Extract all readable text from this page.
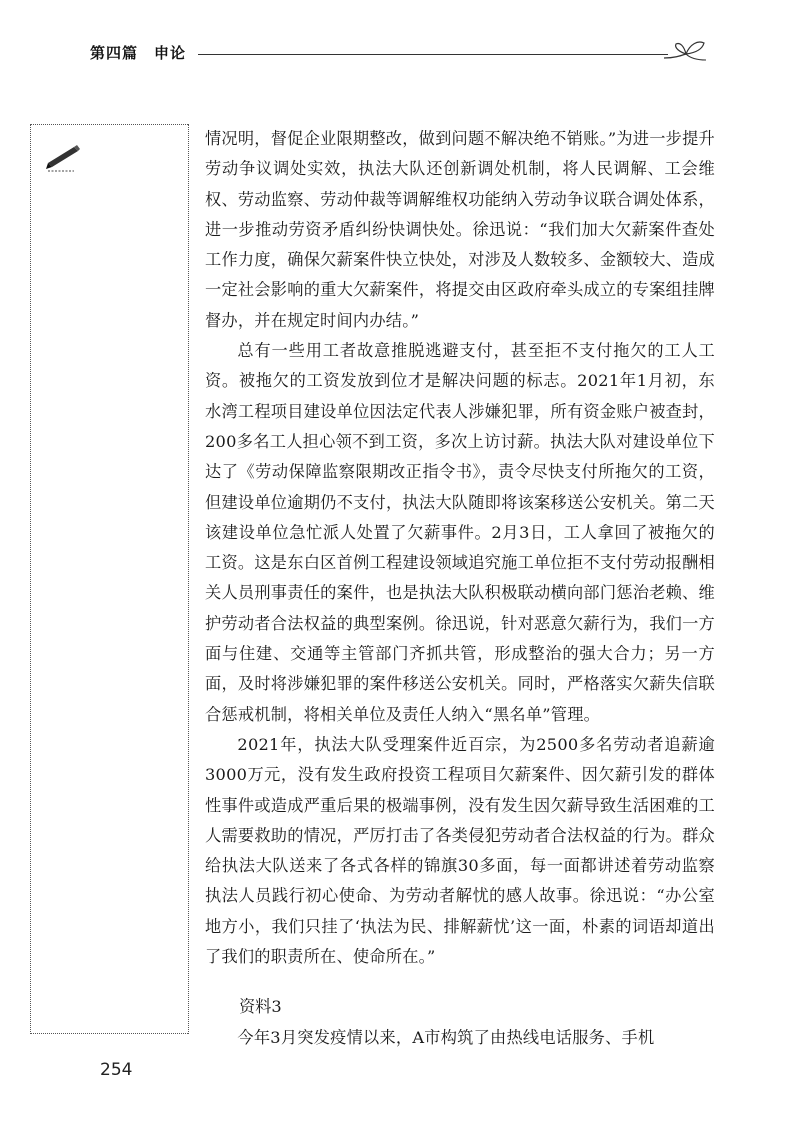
第四篇　申论

情况明，督促企业限期整改，做到问题不解决绝不销账。”为进一步提升劳动争议调处实效，执法大队还创新调处机制，将人民调解、工会维权、劳动监察、劳动仲裁等调解维权功能纳入劳动争议联合调处体系，进一步推动劳资矛盾纠纷快调快处。徐迅说：“我们加大欠薪案件查处工作力度，确保欠薪案件快立快处，对涉及人数较多、金额较大、造成一定社会影响的重大欠薪案件，将提交由区政府牵头成立的专案组挂牌督办，并在规定时间内办结。”

总有一些用工者故意推脱逃避支付，甚至拒不支付拖欠的工人工资。被拖欠的工资发放到位才是解决问题的标志。2021年1月初，东水湾工程项目建设单位因法定代表人涉嫌犯罪，所有资金账户被查封，200多名工人担心领不到工资，多次上访讨薪。执法大队对建设单位下达了《劳动保障监察限期改正指令书》，责令尽快支付所拖欠的工资，但建设单位逾期仍不支付，执法大队随即将该案移送公安机关。第二天该建设单位急忙派人处置了欠薪事件。2月3日，工人拿回了被拖欠的工资。这是东白区首例工程建设领域追究施工单位拒不支付劳动报酬相关人员刑事责任的案件，也是执法大队积极联动横向部门惩治老赖、维护劳动者合法权益的典型案例。徐迅说，针对恶意欠薪行为，我们一方面与住建、交通等主管部门齐抓共管，形成整治的强大合力；另一方面，及时将涉嫌犯罪的案件移送公安机关。同时，严格落实欠薪失信联合惩戒机制，将相关单位及责任人纳入“黑名单”管理。

2021年，执法大队受理案件近百宗，为2500多名劳动者追薪逾3000万元，没有发生政府投资工程项目欠薪案件、因欠薪引发的群体性事件或造成严重后果的极端事例，没有发生因欠薪导致生活困难的工人需要救助的情况，严厉打击了各类侵犯劳动者合法权益的行为。群众给执法大队送来了各式各样的锦旗30多面，每一面都讲述着劳动监察执法人员践行初心使命、为劳动者解忧的感人故事。徐迅说：“办公室地方小，我们只挂了‘执法为民、排解薪忧’这一面，朴素的词语却道出了我们的职责所在、使命所在。”

资料3

今年3月突发疫情以来，A市构筑了由热线电话服务、手机

254
